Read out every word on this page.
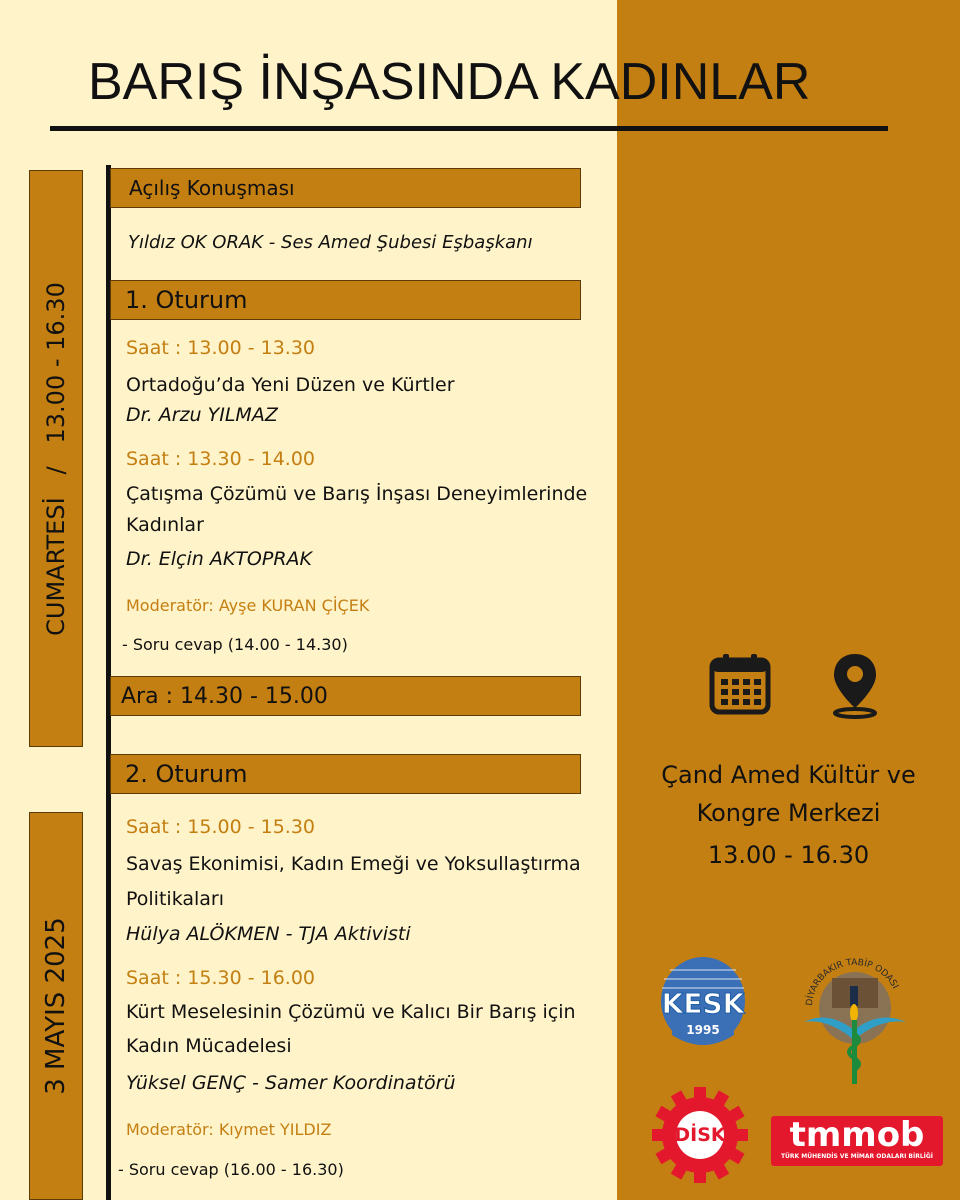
BARIŞ İNŞASINDA KADINLAR
CUMARTESİ   /   13.00 - 16.30
3 MAYIS 2025
Açılış Konuşması
Yıldız OK ORAK - Ses Amed Şubesi Eşbaşkanı
1. Oturum
Saat : 13.00 - 13.30
Ortadoğu’da Yeni Düzen ve Kürtler
Dr. Arzu YILMAZ
Saat : 13.30 - 14.00
Çatışma Çözümü ve Barış İnşası Deneyimlerinde
Kadınlar
Dr. Elçin AKTOPRAK
Moderatör: Ayşe KURAN ÇİÇEK
- Soru cevap (14.00 - 14.30)
Ara : 14.30 - 15.00
2. Oturum
Saat : 15.00 - 15.30
Savaş Ekonimisi, Kadın Emeği ve Yoksullaştırma
Politikaları
Hülya ALÖKMEN - TJA Aktivisti
Saat : 15.30 - 16.00
Kürt Meselesinin Çözümü ve Kalıcı Bir Barış için
Kadın Mücadelesi
Yüksel GENÇ - Samer Koordinatörü
Moderatör: Kıymet YILDIZ
- Soru cevap (16.00 - 16.30)
Çand Amed Kültür ve
Kongre Merkezi
13.00 - 16.30
KESK
1995
DİYARBAKIR TABİP ODASI
DİSK	tmmob
TÜRK MÜHENDİS VE MİMAR ODALARI BİRLİĞİ
